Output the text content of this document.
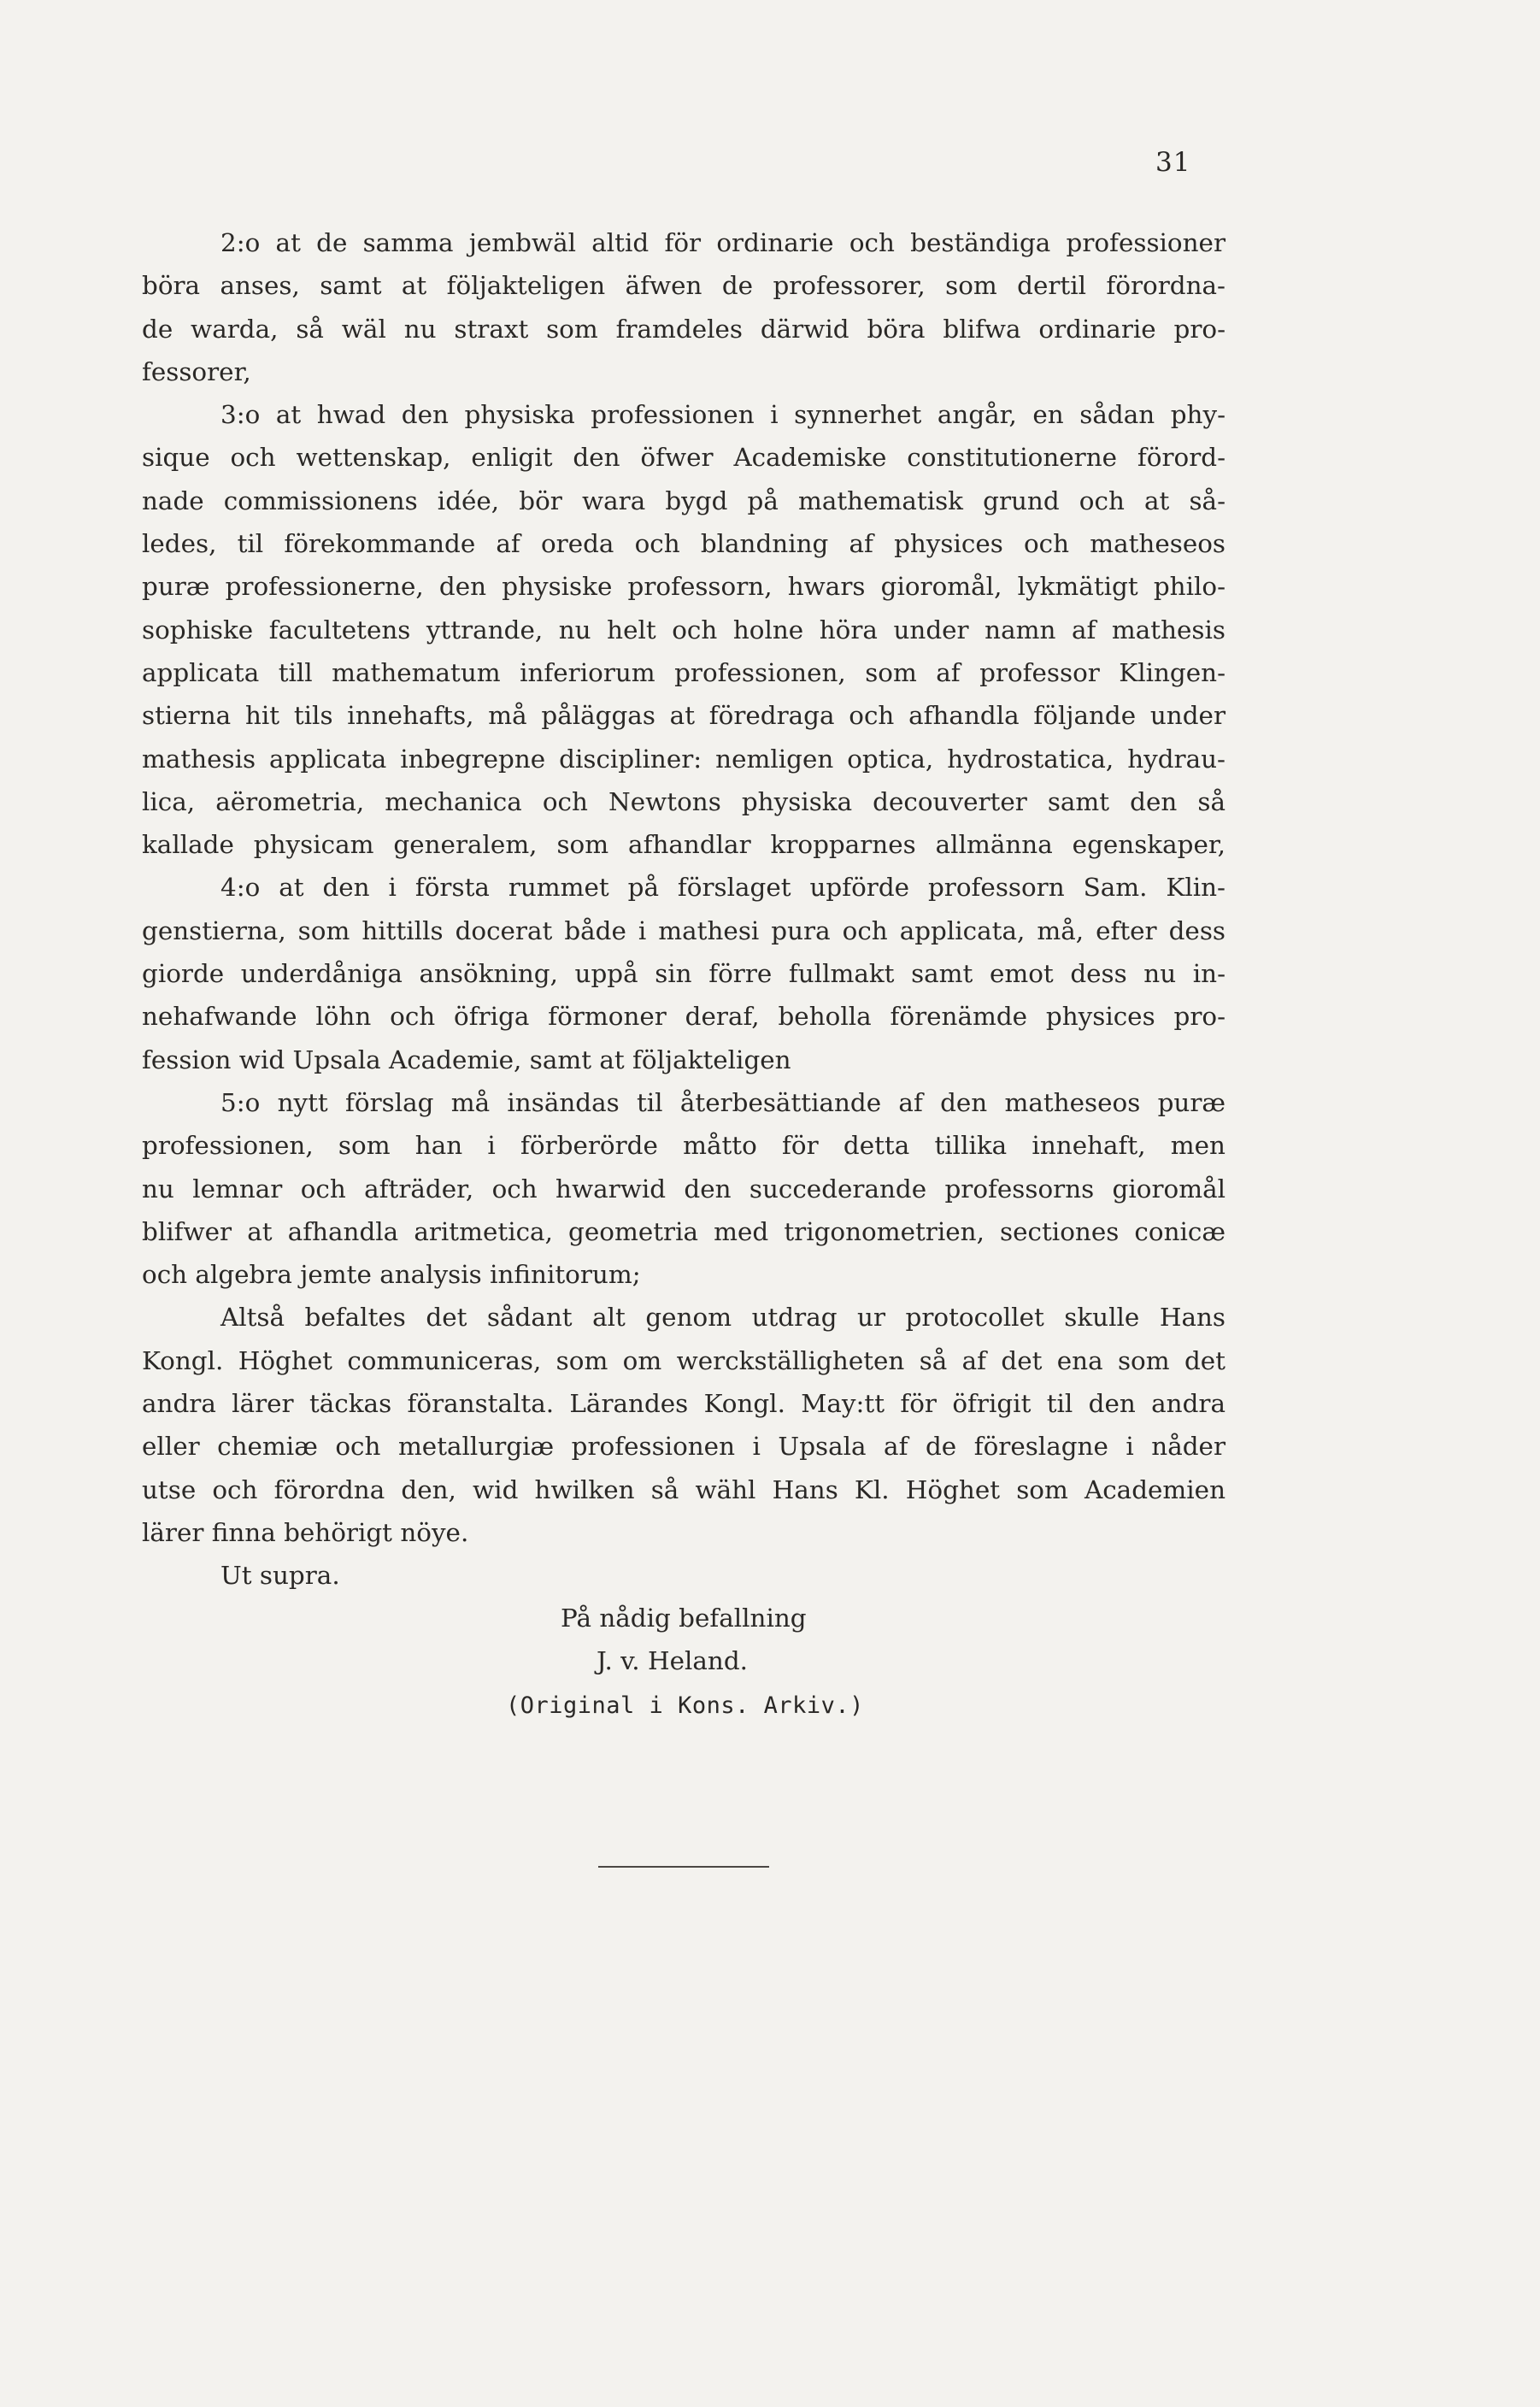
31
2:o at de samma jembwäl altid för ordinarie och beständiga professioner
böra anses, samt at följakteligen äfwen de professorer, som dertil förordna-
de warda, så wäl nu straxt som framdeles därwid böra blifwa ordinarie pro-
fessorer,
3:o at hwad den physiska professionen i synnerhet angår, en sådan phy-
sique och wettenskap, enligit den öfwer Academiske constitutionerne förord-
nade commissionens idée, bör wara bygd på mathematisk grund och at så-
ledes, til förekommande af oreda och blandning af physices och matheseos
puræ professionerne, den physiske professorn, hwars gioromål, lykmätigt philo-
sophiske facultetens yttrande, nu helt och holne höra under namn af mathesis
applicata till mathematum inferiorum professionen, som af professor Klingen-
stierna hit tils innehafts, må påläggas at föredraga och afhandla följande under
mathesis applicata inbegrepne discipliner: nemligen optica, hydrostatica, hydrau-
lica, aërometria, mechanica och Newtons physiska decouverter samt den så
kallade physicam generalem, som afhandlar kropparnes allmänna egenskaper,
4:o at den i första rummet på förslaget upförde professorn Sam. Klin-
genstierna, som hittills docerat både i mathesi pura och applicata, må, efter dess
giorde underdåniga ansökning, uppå sin förre fullmakt samt emot dess nu in-
nehafwande löhn och öfriga förmoner deraf, beholla förenämde physices pro-
fession wid Upsala Academie, samt at följakteligen
5:o nytt förslag må insändas til återbesättiande af den matheseos puræ
professionen, som han i förberörde måtto för detta tillika innehaft, men
nu lemnar och afträder, och hwarwid den succederande professorns gioromål
blifwer at afhandla aritmetica, geometria med trigonometrien, sectiones conicæ
och algebra jemte analysis infinitorum;
Altså befaltes det sådant alt genom utdrag ur protocollet skulle Hans
Kongl. Höghet communiceras, som om werckställigheten så af det ena som det
andra lärer täckas föranstalta. Lärandes Kongl. May:tt för öfrigit til den andra
eller chemiæ och metallurgiæ professionen i Upsala af de föreslagne i nåder
utse och förordna den, wid hwilken så wähl Hans Kl. Höghet som Academien
lärer finna behörigt nöye.
Ut supra.
På nådig befallning
J. v. Heland.
(Original i Kons. Arkiv.)
